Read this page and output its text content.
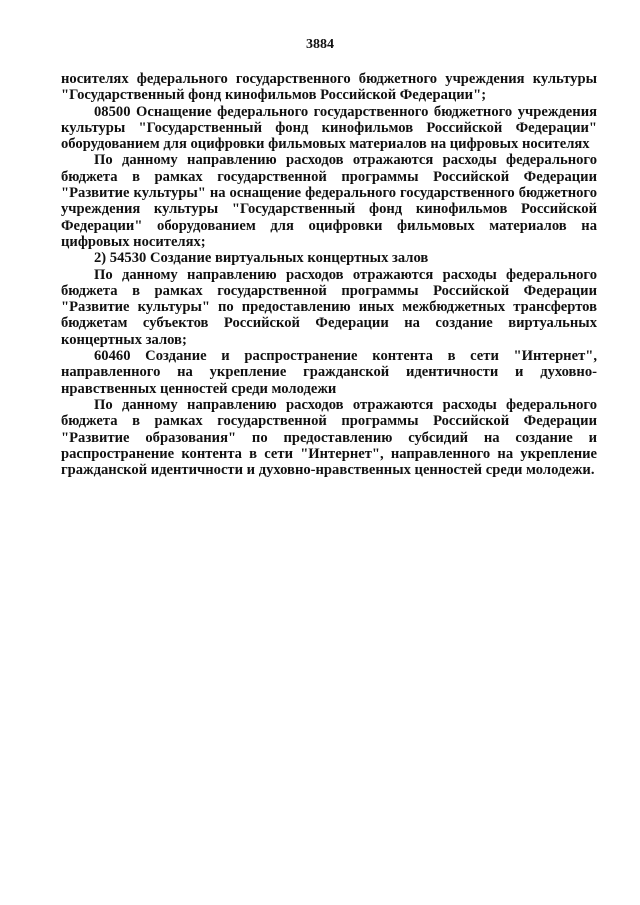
3884

носителях федерального государственного бюджетного учреждения культуры "Государственный фонд кинофильмов Российской Федерации";

08500 Оснащение федерального государственного бюджетного учреждения культуры "Государственный фонд кинофильмов Российской Федерации" оборудованием для оцифровки фильмовых материалов на цифровых носителях

По данному направлению расходов отражаются расходы федерального бюджета в рамках государственной программы Российской Федерации "Развитие культуры" на оснащение федерального государственного бюджетного учреждения культуры "Государственный фонд кинофильмов Российской Федерации" оборудованием для оцифровки фильмовых материалов на цифровых носителях;

2) 54530 Создание виртуальных концертных залов

По данному направлению расходов отражаются расходы федерального бюджета в рамках государственной программы Российской Федерации "Развитие культуры" по предоставлению иных межбюджетных трансфертов бюджетам субъектов Российской Федерации на создание виртуальных концертных залов;

60460 Создание и распространение контента в сети "Интернет", направленного на укрепление гражданской идентичности и духовно-нравственных ценностей среди молодежи

По данному направлению расходов отражаются расходы федерального бюджета в рамках государственной программы Российской Федерации "Развитие образования" по предоставлению субсидий на создание и распространение контента в сети "Интернет", направленного на укрепление гражданской идентичности и духовно-нравственных ценностей среди молодежи.
